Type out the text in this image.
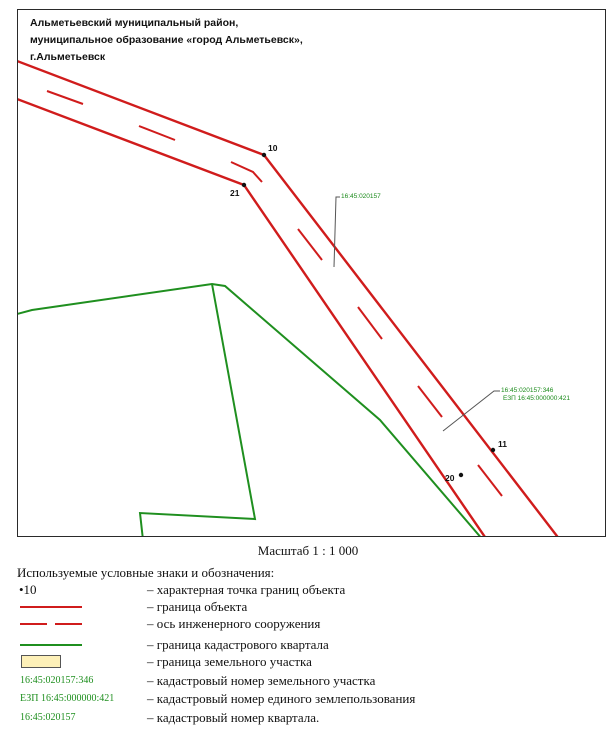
Альметьевский муниципальный район,
муниципальное образование «город Альметьевск»,
г.Альметьевск
10
21
11
20
16:45:020157
16:45:020157:346
ЕЗП 16:45:000000:421
Масштаб 1 : 1 000
Используемые условные знаки и обозначения:
•10	– характерная точка границ объекта
– граница объекта
– ось инженерного сооружения
– граница кадастрового квартала
– граница земельного участка
16:45:020157:346	– кадастровый номер земельного участка
ЕЗП 16:45:000000:421	– кадастровый номер единого землепользования
16:45:020157	– кадастровый номер квартала.
